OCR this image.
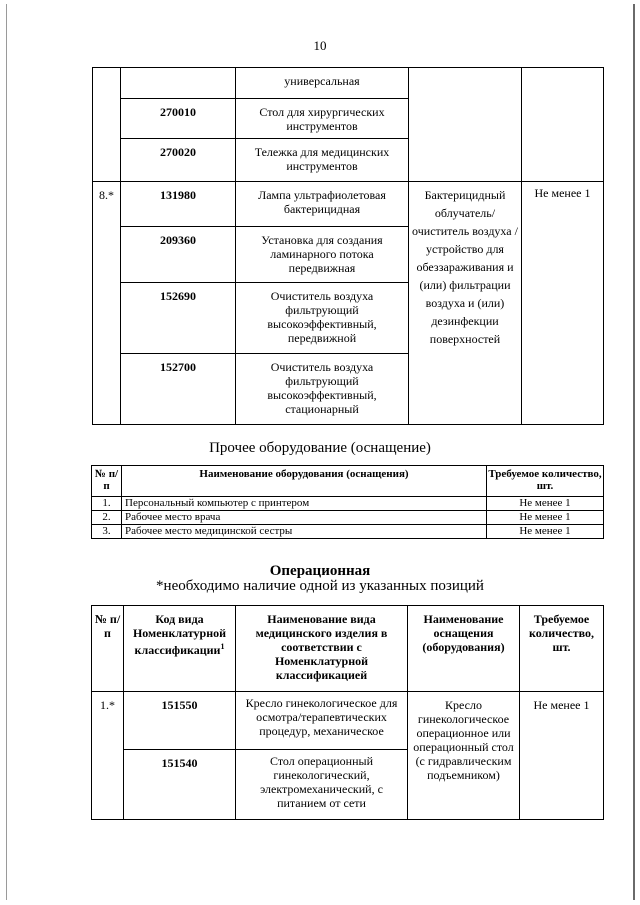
10
		универсальная		
	270010	Стол для хирургических инструментов		
	270020	Тележка для медицинских инструментов		
8.*	131980	Лампа ультрафиолетовая бактерицидная	Бактерицидный облучатель/ очиститель воздуха /устройство для обеззараживания и (или) фильтрации воздуха и (или) дезинфекции поверхностей	Не менее 1
	209360	Установка для создания ламинарного потока передвижная		
	152690	Очиститель воздуха фильтрующий высокоэффективный, передвижной		
	152700	Очиститель воздуха фильтрующий высокоэффективный, стационарный		
Прочее оборудование (оснащение)
№ п/п	Наименование оборудования (оснащения)	Требуемое количество, шт.
1.	Персональный компьютер с принтером	Не менее 1
2.	Рабочее место врача	Не менее 1
3.	Рабочее место медицинской сестры	Не менее 1
Операционная
*необходимо наличие одной из указанных позиций
№ п/п	Код вида Номенклатурной классификации$^1$	Наименование вида медицинского изделия в соответствии с Номенклатурной классификацией	Наименование оснащения (оборудования)	Требуемое количество, шт.
1.*	151550	Кресло гинекологическое для осмотра/терапевтических процедур, механическое	Кресло гинекологическое операционное или операционный стол (с гидравлическим подъемником)	Не менее 1
	151540	Стол операционный гинекологический, электромеханический, с питанием от сети		
